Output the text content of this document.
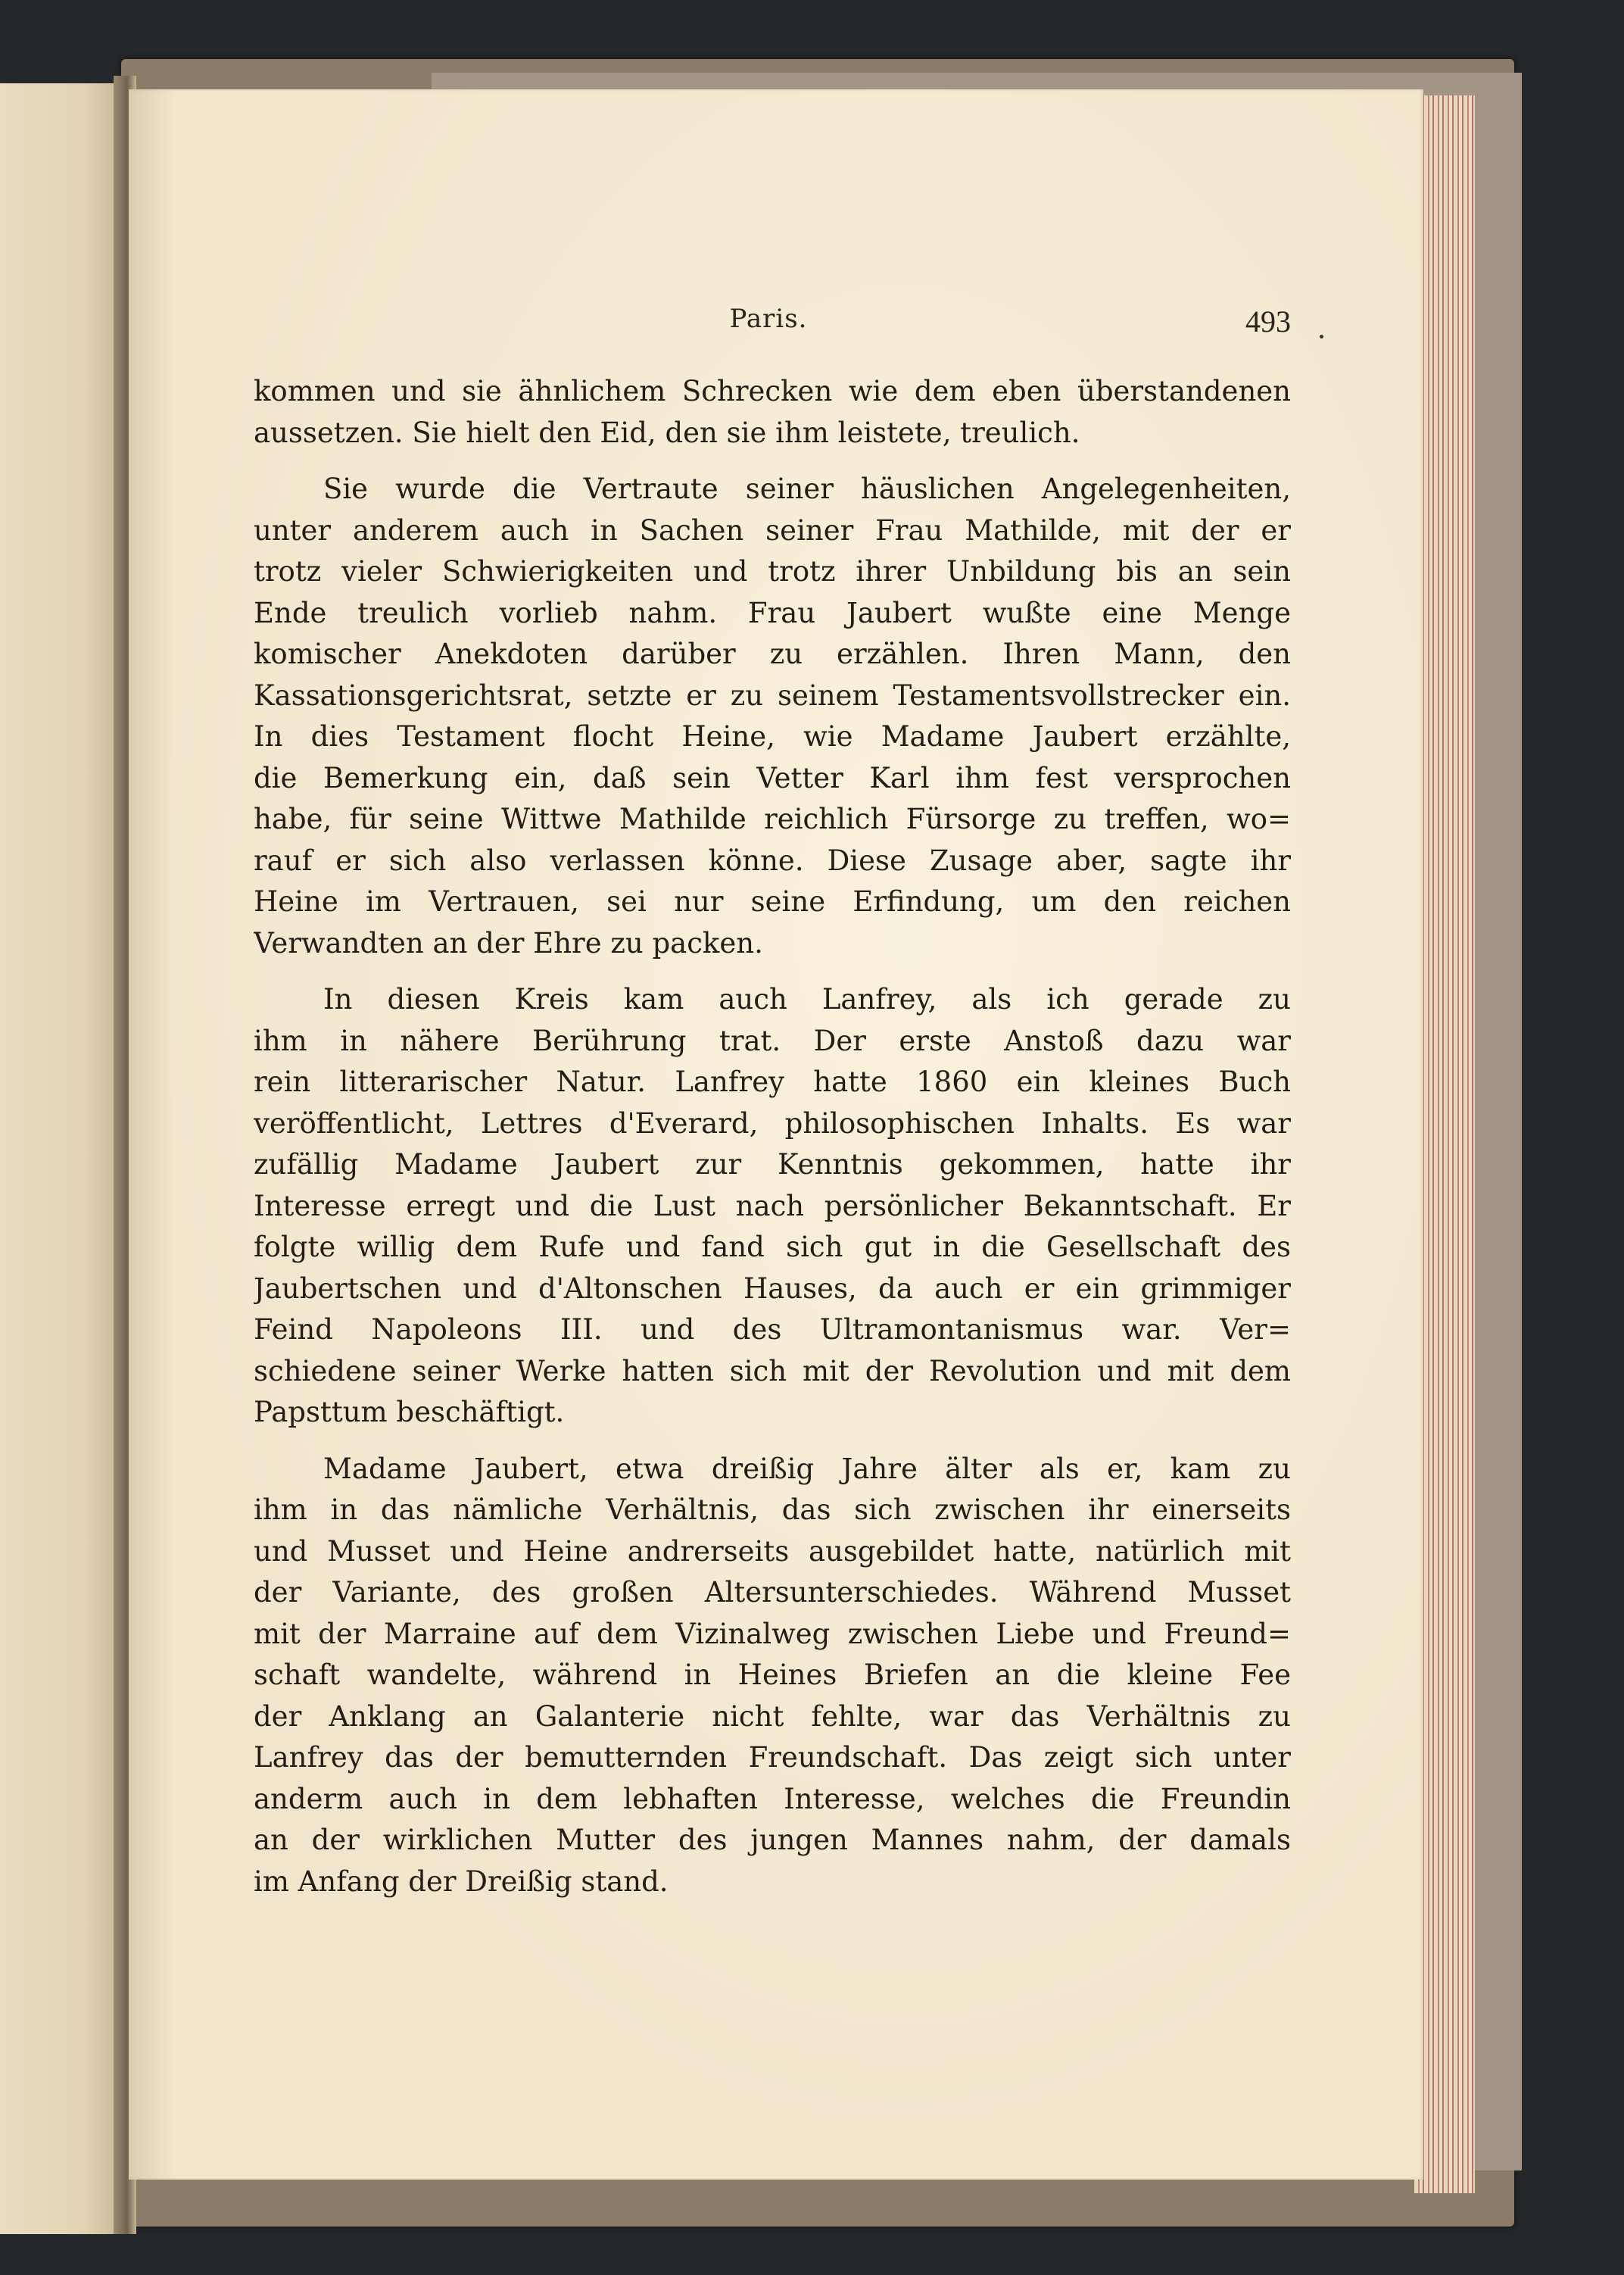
Paris.	493
kommen und sie ähnlichem Schrecken wie dem eben überstandenen
aussetzen. Sie hielt den Eid, den sie ihm leistete, treulich.
Sie wurde die Vertraute seiner häuslichen Angelegenheiten,
unter anderem auch in Sachen seiner Frau Mathilde, mit der er
trotz vieler Schwierigkeiten und trotz ihrer Unbildung bis an sein
Ende treulich vorlieb nahm. Frau Jaubert wußte eine Menge
komischer Anekdoten darüber zu erzählen. Ihren Mann, den
Kassationsgerichtsrat, setzte er zu seinem Testamentsvollstrecker ein.
In dies Testament flocht Heine, wie Madame Jaubert erzählte,
die Bemerkung ein, daß sein Vetter Karl ihm fest versprochen
habe, für seine Wittwe Mathilde reichlich Fürsorge zu treffen, wo=
rauf er sich also verlassen könne. Diese Zusage aber, sagte ihr
Heine im Vertrauen, sei nur seine Erfindung, um den reichen
Verwandten an der Ehre zu packen.
In diesen Kreis kam auch Lanfrey, als ich gerade zu
ihm in nähere Berührung trat. Der erste Anstoß dazu war
rein litterarischer Natur. Lanfrey hatte 1860 ein kleines Buch
veröffentlicht, Lettres d'Everard, philosophischen Inhalts. Es war
zufällig Madame Jaubert zur Kenntnis gekommen, hatte ihr
Interesse erregt und die Lust nach persönlicher Bekanntschaft. Er
folgte willig dem Rufe und fand sich gut in die Gesellschaft des
Jaubertschen und d'Altonschen Hauses, da auch er ein grimmiger
Feind Napoleons III. und des Ultramontanismus war. Ver=
schiedene seiner Werke hatten sich mit der Revolution und mit dem
Papsttum beschäftigt.
Madame Jaubert, etwa dreißig Jahre älter als er, kam zu
ihm in das nämliche Verhältnis, das sich zwischen ihr einerseits
und Musset und Heine andrerseits ausgebildet hatte, natürlich mit
der Variante, des großen Altersunterschiedes. Während Musset
mit der Marraine auf dem Vizinalweg zwischen Liebe und Freund=
schaft wandelte, während in Heines Briefen an die kleine Fee
der Anklang an Galanterie nicht fehlte, war das Verhältnis zu
Lanfrey das der bemutternden Freundschaft. Das zeigt sich unter
anderm auch in dem lebhaften Interesse, welches die Freundin
an der wirklichen Mutter des jungen Mannes nahm, der damals
im Anfang der Dreißig stand.
